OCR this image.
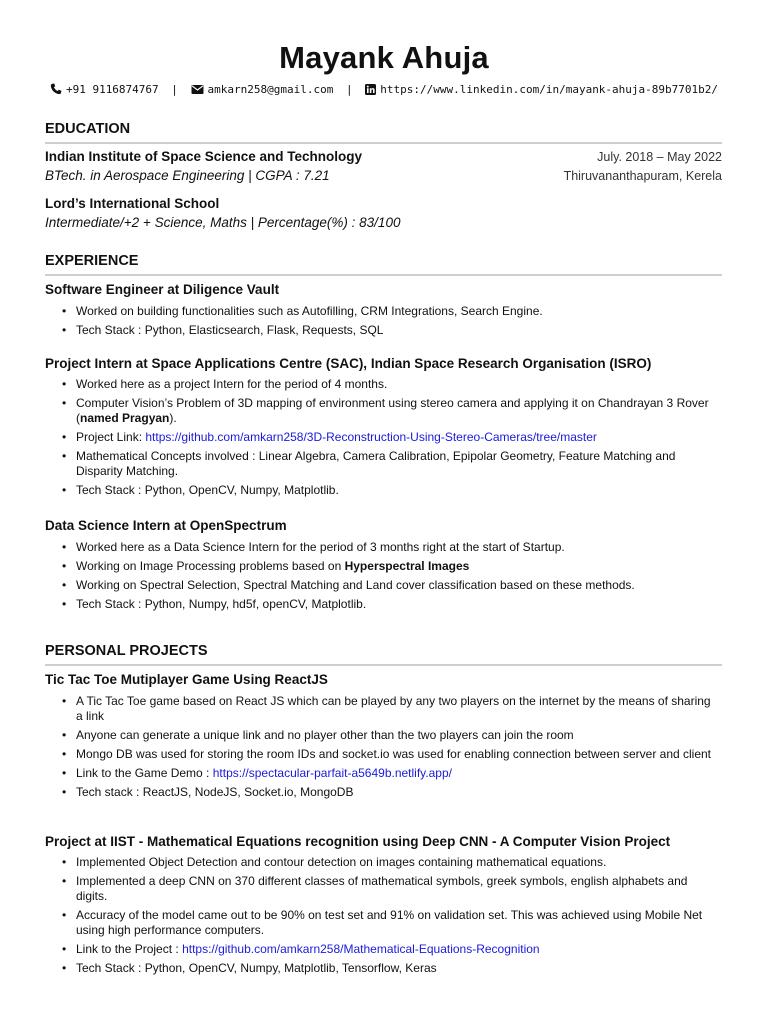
Mayank Ahuja
+91 9116874767 |	amkarn258@gmail.com |	https://www.linkedin.com/in/mayank-ahuja-89b7701b2/
EDUCATION
Indian Institute of Space Science and Technology	July. 2018 – May 2022
BTech. in Aerospace Engineering | CGPA : 7.21	Thiruvananthapuram, Kerela
Lord’s International School
Intermediate/+2 + Science, Maths | Percentage(%) : 83/100
EXPERIENCE
Software Engineer at Diligence Vault
• Worked on building functionalities such as Autofilling, CRM Integrations, Search Engine.
• Tech Stack : Python, Elasticsearch, Flask, Requests, SQL
Project Intern at Space Applications Centre (SAC), Indian Space Research Organisation (ISRO)
• Worked here as a project Intern for the period of 4 months.
• Computer Vision’s Problem of 3D mapping of environment using stereo camera and applying it on Chandrayan 3 Rover (named Pragyan).
• Project Link: https://github.com/amkarn258/3D-Reconstruction-Using-Stereo-Cameras/tree/master
• Mathematical Concepts involved : Linear Algebra, Camera Calibration, Epipolar Geometry, Feature Matching and Disparity Matching.
• Tech Stack : Python, OpenCV, Numpy, Matplotlib.
Data Science Intern at OpenSpectrum
• Worked here as a Data Science Intern for the period of 3 months right at the start of Startup.
• Working on Image Processing problems based on Hyperspectral Images
• Working on Spectral Selection, Spectral Matching and Land cover classification based on these methods.
• Tech Stack : Python, Numpy, hd5f, openCV, Matplotlib.
PERSONAL PROJECTS
Tic Tac Toe Mutiplayer Game Using ReactJS
• A Tic Tac Toe game based on React JS which can be played by any two players on the internet by the means of sharing a link
• Anyone can generate a unique link and no player other than the two players can join the room
• Mongo DB was used for storing the room IDs and socket.io was used for enabling connection between server and client
• Link to the Game Demo : https://spectacular-parfait-a5649b.netlify.app/
• Tech stack : ReactJS, NodeJS, Socket.io, MongoDB
Project at IIST - Mathematical Equations recognition using Deep CNN - A Computer Vision Project
• Implemented Object Detection and contour detection on images containing mathematical equations.
• Implemented a deep CNN on 370 different classes of mathematical symbols, greek symbols, english alphabets and digits.
• Accuracy of the model came out to be 90% on test set and 91% on validation set. This was achieved using Mobile Net using high performance computers.
• Link to the Project : https://github.com/amkarn258/Mathematical-Equations-Recognition
• Tech Stack : Python, OpenCV, Numpy, Matplotlib, Tensorflow, Keras
